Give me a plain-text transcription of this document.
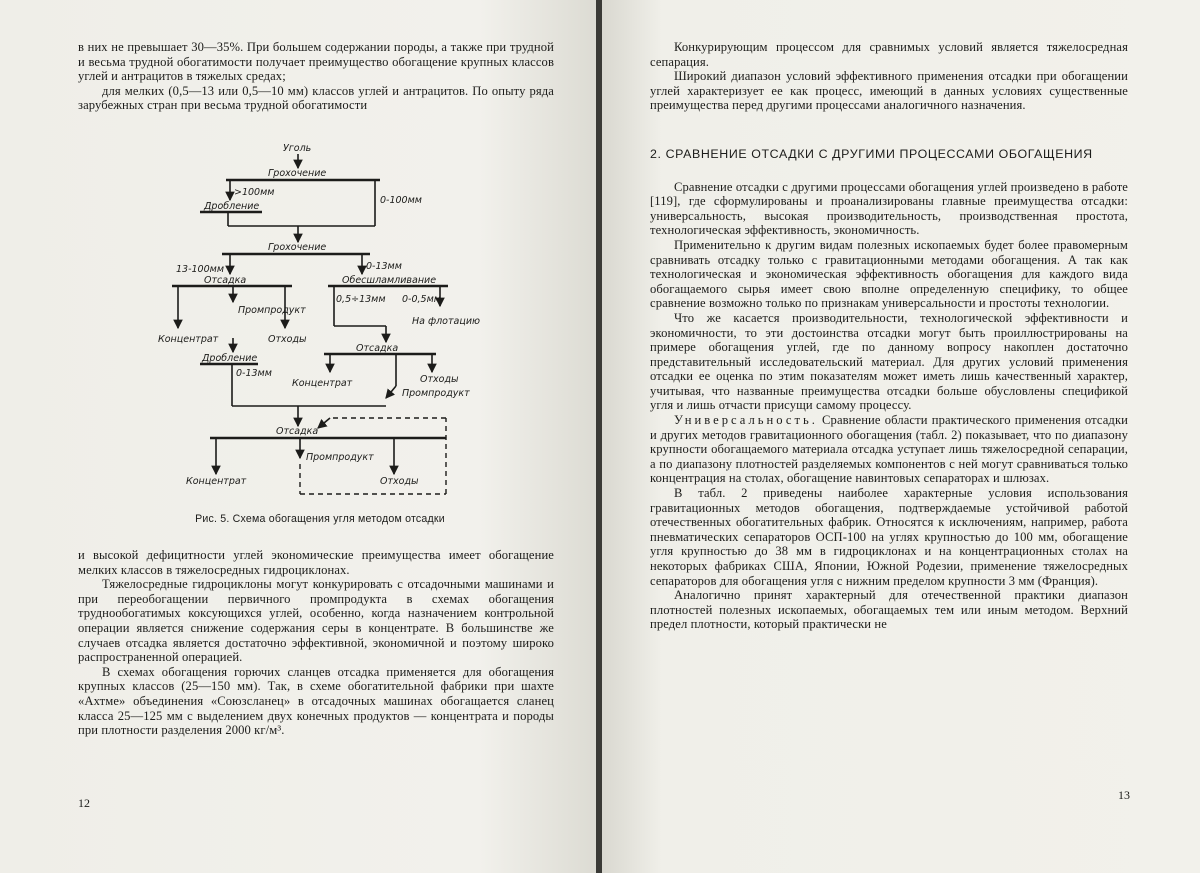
в них не превышает 30—35%. При большем содержании породы, а также при трудной и весьма трудной обогатимости получает преимущество обогащение крупных классов углей и антрацитов в тяжелых средах;

для мелких (0,5—13 или 0,5—10 мм) классов углей и антрацитов. По опыту ряда зарубежных стран при весьма трудной обогатимости

Уголь
Грохочение
>100мм
0-100мм
Дробление
Грохочение
13-100мм	0-13мм
Отсадка	Обесшламливание
Промпродукт
0,5÷13мм 0-0,5мм
На флотацию
Концентрат	Отходы
Дробление
Отсадка
0-13мм
Концентрат	Отходы
Промпродукт
Отсадка
Промпродукт
Концентрат	Отходы
Рис. 5. Схема обогащения угля методом отсадки

и высокой дефицитности углей экономические преимущества имеет обогащение мелких классов в тяжелосредных гидроциклонах.

Тяжелосредные гидроциклоны могут конкурировать с отсадочными машинами и при перeобогащении первичного промпродукта в схемах обогащения труднообогатимых коксующихся углей, особенно, когда назначением контрольной операции является снижение содержания серы в концентрате. В большинстве же случаев отсадка является достаточно эффективной, экономичной и поэтому широко распространенной операцией.

В схемах обогащения горючих сланцев отсадка применяется для обогащения крупных классов (25—150 мм). Так, в схеме обогатительной фабрики при шахте «Ахтме» объединения «Союзсланец» в отсадочных машинах обогащается сланец класса 25—125 мм с выделением двух конечных продуктов — концентрата и породы при плотности разделения 2000 кг/м³.

12

Конкурирующим процессом для сравнимых условий является тяжелосредная сепарация.

Широкий диапазон условий эффективного применения отсадки при обогащении углей характеризует ее как процесс, имеющий в данных условиях существенные преимущества перед другими процессами аналогичного назначения.

2. СРАВНЕНИЕ ОТСАДКИ С ДРУГИМИ ПРОЦЕССАМИ ОБОГАЩЕНИЯ

Сравнение отсадки с другими процессами обогащения углей произведено в работе [119], где сформулированы и проанализированы главные преимущества отсадки: универсальность, высокая производительность, производственная простота, технологическая эффективность, экономичность.

Применительно к другим видам полезных ископаемых будет более правомерным сравнивать отсадку только с гравитационными методами обогащения. А так как технологическая и экономическая эффективность обогащения для каждого вида обогащаемого сырья имеет свою вполне определенную специфику, то общее сравнение возможно только по признакам универсальности и простоты технологии.

Что же касается производительности, технологической эффективности и экономичности, то эти достоинства отсадки могут быть проиллюстрированы на примере обогащения углей, где по данному вопросу накоплен достаточно представительный исследовательский материал. Для других условий применения отсадки ее оценка по этим показателям может иметь лишь качественный характер, учитывая, что названные преимущества отсадки больше обусловлены спецификой угля и лишь отчасти присущи самому процессу.

Универсальность. Сравнение области практического применения отсадки и других методов гравитационного обогащения (табл. 2) показывает, что по диапазону крупности обогащаемого материала отсадка уступает лишь тяжелосредной сепарации, а по диапазону плотностей разделяемых компонентов с ней могут сравниваться только концентрация на столах, обогащение навинтовых сепараторах и шлюзах.

В табл. 2 приведены наиболее характерные условия использования гравитационных методов обогащения, подтверждаемые устойчивой работой отечественных обогатительных фабрик. Относятся к исключениям, например, работа пневматических сепараторов ОСП-100 на углях крупностью до 100 мм, обогащение угля крупностью до 38 мм в гидроциклонах и на концентрационных столах на некоторых фабриках США, Японии, Южной Родезии, применение тяжелосредных сепараторов для обогащения угля с нижним пределом крупности 3 мм (Франция).

Аналогично принят характерный для отечественной практики диапазон плотностей полезных ископаемых, обогащаемых тем или иным методом. Верхний предел плотности, который практически не

13
